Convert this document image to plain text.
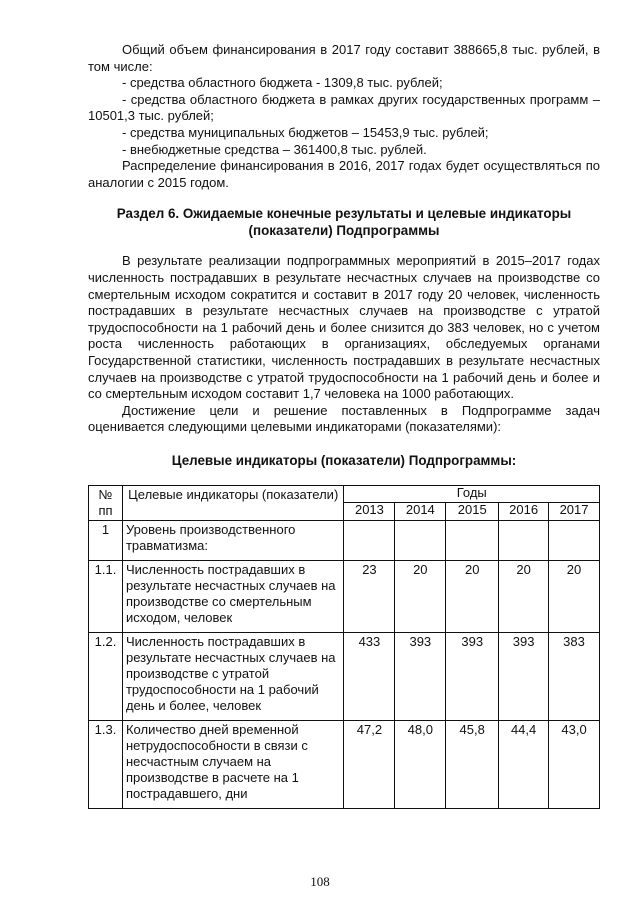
Общий объем финансирования в 2017 году составит 388665,8 тыс. рублей, в том числе:

- средства областного бюджета - 1309,8 тыс. рублей;

- средства областного бюджета в рамках других государственных программ – 10501,3 тыс. рублей;

- средства муниципальных бюджетов – 15453,9 тыс. рублей;

- внебюджетные средства – 361400,8 тыс. рублей.

Распределение финансирования в 2016, 2017 годах будет осуществляться по аналогии с 2015 годом.

Раздел 6. Ожидаемые конечные результаты и целевые индикаторы

(показатели) Подпрограммы

В результате реализации подпрограммных мероприятий в 2015–2017 годах численность пострадавших в результате несчастных случаев на производстве со смертельным исходом сократится и составит в 2017 году 20 человек, численность пострадавших в результате несчастных случаев на производстве с утратой трудоспособности на 1 рабочий день и более снизится до 383 человек, но с учетом роста численность работающих в организациях, обследуемых органами Государственной статистики, численность пострадавших в результате несчастных случаев на производстве с утратой трудоспособности на 1 рабочий день и более и со смертельным исходом составит 1,7 человека на 1000 работающих.

Достижение цели и решение поставленных в Подпрограмме задач оценивается следующими целевыми индикаторами (показателями):

Целевые индикаторы (показатели) Подпрограммы:

№ пп	Целевые индикаторы (показатели)	Годы				
		2013	2014	2015	2016	2017
1	Уровень производственного травматизма:					
1.1.	Численность пострадавших в результате несчастных случаев на производстве со смертельным исходом, человек	23	20	20	20	20
1.2.	Численность пострадавших в результате несчастных случаев на производстве с утратой трудоспособности на 1 рабочий день и более, человек	433	393	393	393	383
1.3.	Количество дней временной нетрудоспособности в связи с несчастным случаем на производстве в расчете на 1 пострадавшего, дни	47,2	48,0	45,8	44,4	43,0
108
